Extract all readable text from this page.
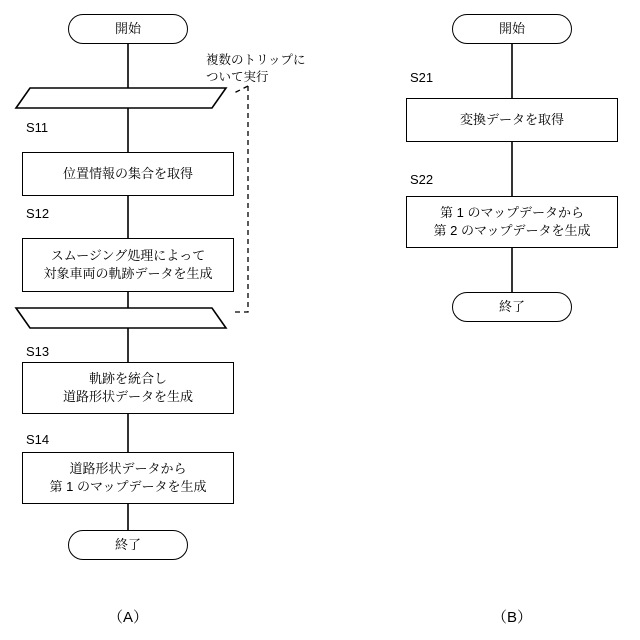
開始
複数のトリップに
ついて実行
S11
位置情報の集合を取得
S12
スムージング処理によって
対象車両の軌跡データを生成
S13
軌跡を統合し
道路形状データを生成
S14
道路形状データから
第 1 のマップデータを生成
終了
（A）
開始
S21
変換データを取得
S22
第 1 のマップデータから
第 2 のマップデータを生成
終了
（B）
